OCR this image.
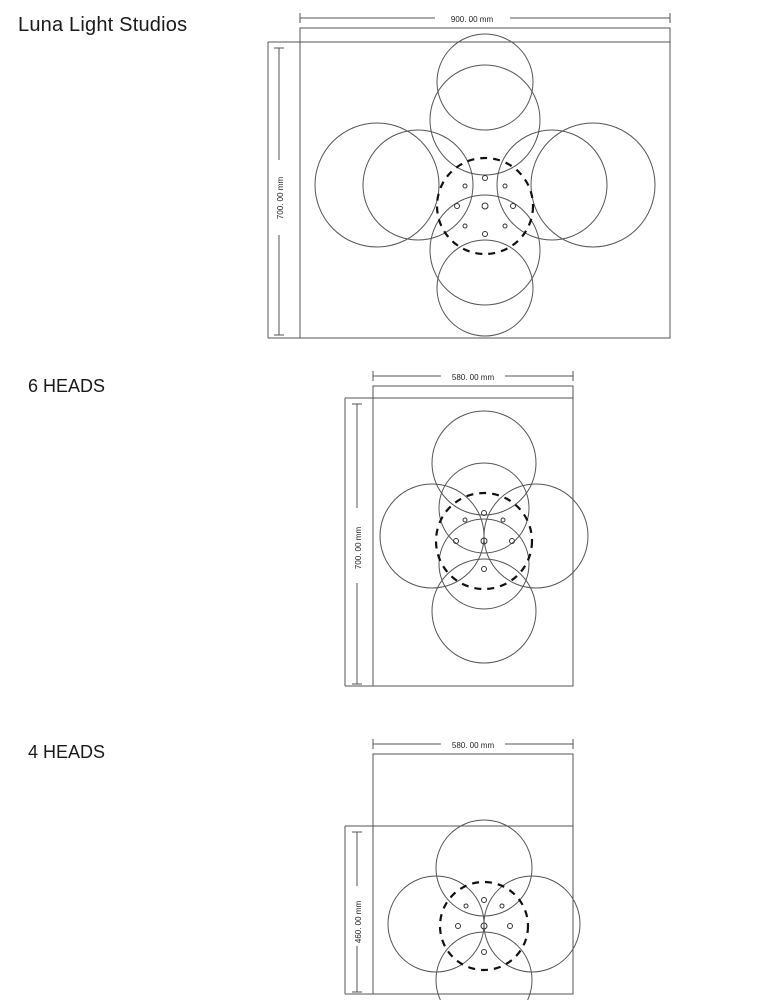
Luna Light Studios
6 HEADS
4 HEADS
900. 00 mm
700. 00 mm
580. 00 mm
700. 00 mm
580. 00 mm
460. 00 mm
